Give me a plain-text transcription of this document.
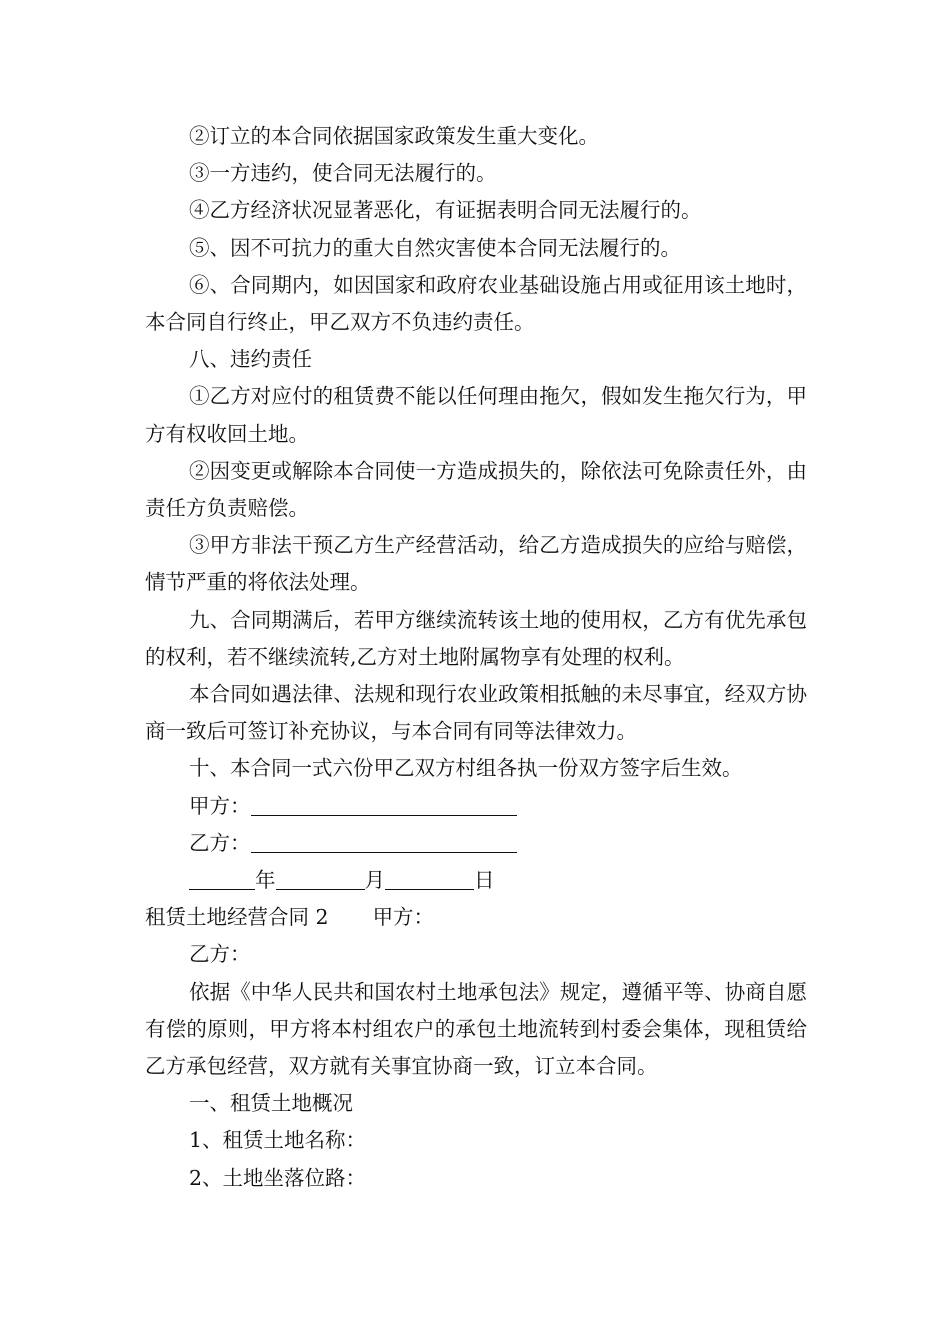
②订立的本合同依据国家政策发生重大变化。

③一方违约，使合同无法履行的。

④乙方经济状况显著恶化，有证据表明合同无法履行的。

⑤、因不可抗力的重大自然灾害使本合同无法履行的。

⑥、合同期内，如因国家和政府农业基础设施占用或征用该土地时，本合同自行终止，甲乙双方不负违约责任。

八、违约责任

①乙方对应付的租赁费不能以任何理由拖欠，假如发生拖欠行为，甲方有权收回土地。

②因变更或解除本合同使一方造成损失的，除依法可免除责任外，由责任方负责赔偿。

③甲方非法干预乙方生产经营活动，给乙方造成损失的应给与赔偿，情节严重的将依法处理。

九、合同期满后，若甲方继续流转该土地的使用权，乙方有优先承包的权利，若不继续流转,乙方对土地附属物享有处理的权利。

本合同如遇法律、法规和现行农业政策相抵触的未尽事宜，经双方协商一致后可签订补充协议，与本合同有同等法律效力。

十、本合同一式六份甲乙双方村组各执一份双方签字后生效。

甲方：

乙方：

年	月	日

租赁土地经营合同 2 甲方：

乙方：

依据《中华人民共和国农村土地承包法》规定，遵循平等、协商自愿有偿的原则，甲方将本村组农户的承包土地流转到村委会集体，现租赁给乙方承包经营，双方就有关事宜协商一致，订立本合同。

一、租赁土地概况

1、租赁土地名称：

2、土地坐落位路：
